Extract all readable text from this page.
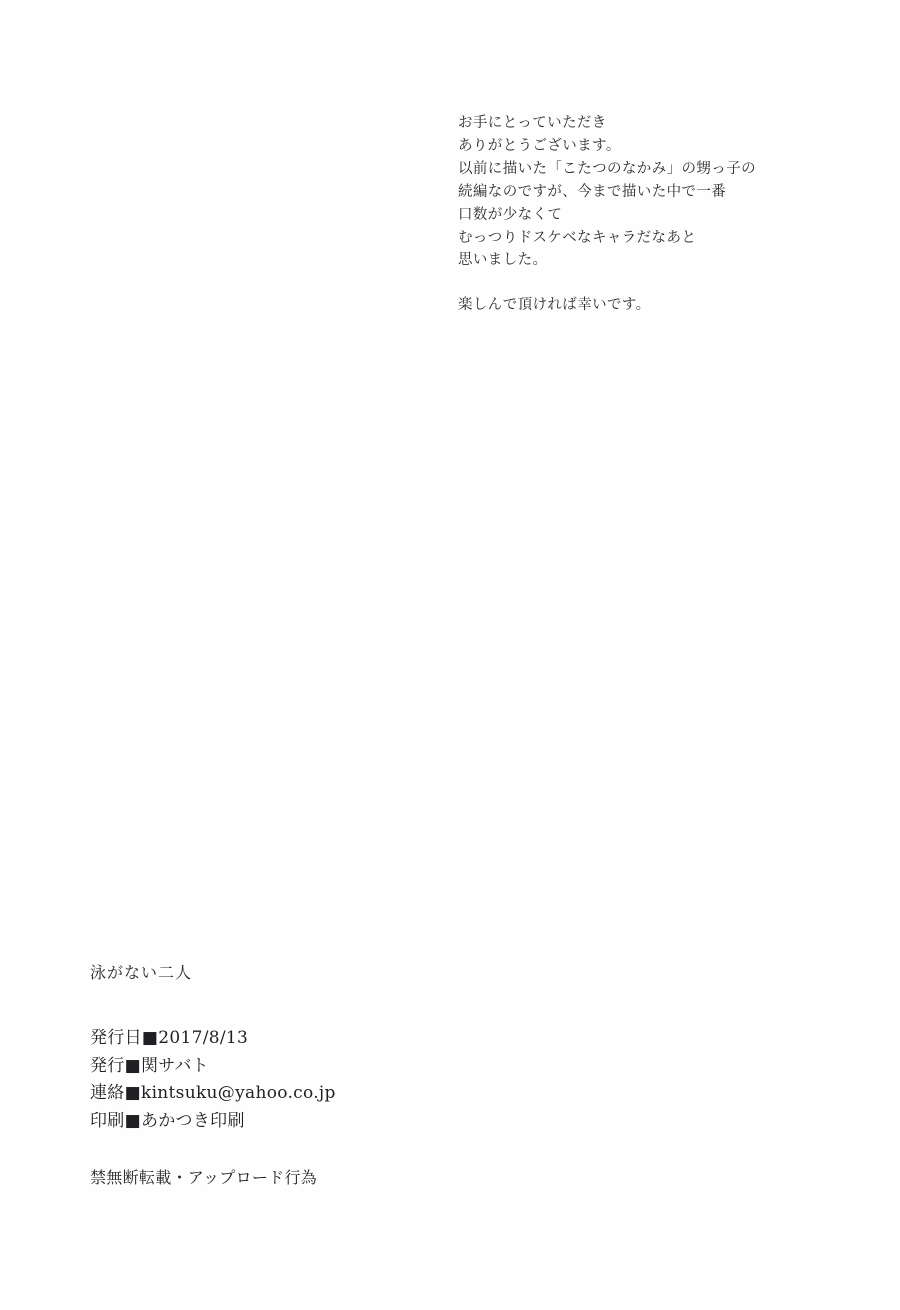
お手にとっていただき

ありがとうございます。

以前に描いた「こたつのなかみ」の甥っ子の

続編なのですが、今まで描いた中で一番

口数が少なくて

むっつりドスケベなキャラだなあと

思いました。

楽しんで頂ければ幸いです。

泳がない二人
発行日■2017/8/13
発行■関サバト
連絡■kintsuku@yahoo.co.jp
印刷■あかつき印刷
禁無断転載・アップロード行為
